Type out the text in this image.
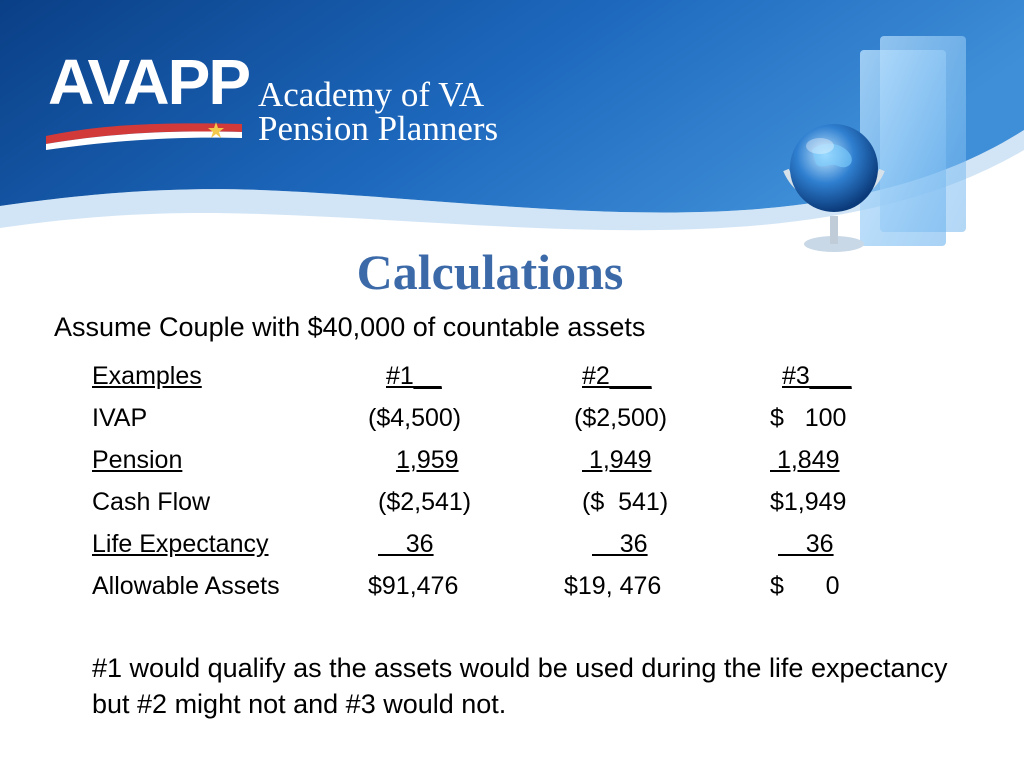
AVAPP Academy of VA
Pension Planners
Calculations
Assume Couple with $40,000 of countable assets
Examples	#1__	#2___	#3___
IVAP	($4,500)	($2,500)	$   100
Pension	1,959	1,949	1,849
Cash Flow	($2,541)	($  541)	$1,949
Life Expectancy	36	36	36
Allowable Assets	$91,476	$19, 476	$      0
#1 would qualify as the assets would be used during the life expectancy but #2 might not and #3 would not.
